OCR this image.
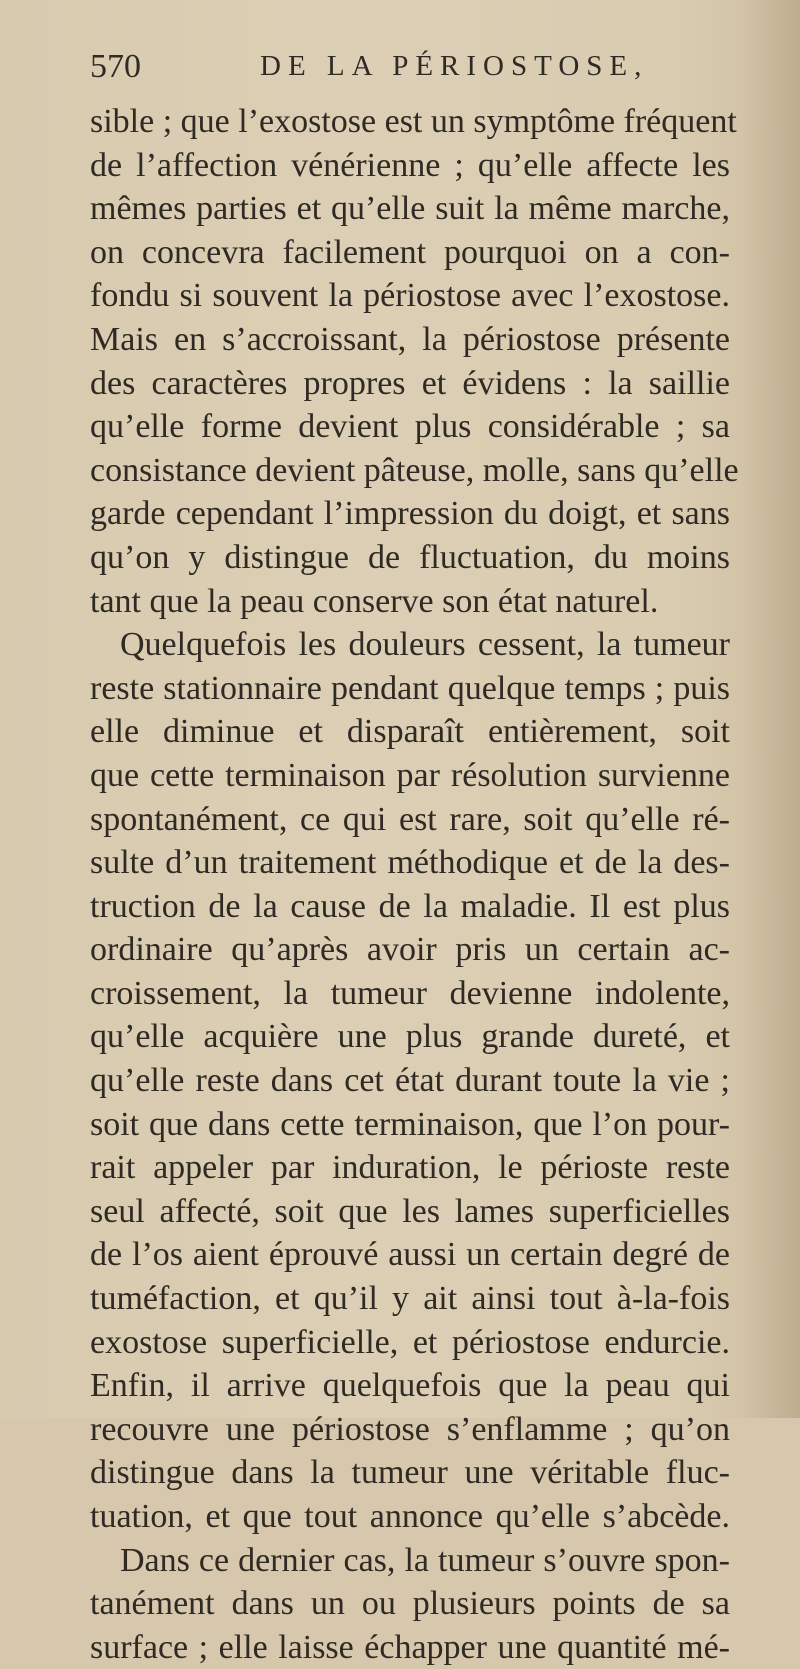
570	DE LA PÉRIOSTOSE,
sible ; que l’exostose est un symptôme fréquent
de l’affection vénérienne ; qu’elle affecte les
mêmes parties et qu’elle suit la même marche,
on concevra facilement pourquoi on a con-
fondu si souvent la périostose avec l’exostose.
Mais en s’accroissant, la périostose présente
des caractères propres et évidens : la saillie
qu’elle forme devient plus considérable ; sa
consistance devient pâteuse, molle, sans qu’elle
garde cependant l’impression du doigt, et sans
qu’on y distingue de fluctuation, du moins
tant que la peau conserve son état naturel.
Quelquefois les douleurs cessent, la tumeur
reste stationnaire pendant quelque temps ; puis
elle diminue et disparaît entièrement, soit
que cette terminaison par résolution survienne
spontanément, ce qui est rare, soit qu’elle ré-
sulte d’un traitement méthodique et de la des-
truction de la cause de la maladie. Il est plus
ordinaire qu’après avoir pris un certain ac-
croissement, la tumeur devienne indolente,
qu’elle acquière une plus grande dureté, et
qu’elle reste dans cet état durant toute la vie ;
soit que dans cette terminaison, que l’on pour-
rait appeler par induration, le périoste reste
seul affecté, soit que les lames superficielles
de l’os aient éprouvé aussi un certain degré de
tuméfaction, et qu’il y ait ainsi tout à-la-fois
exostose superficielle, et périostose endurcie.
Enfin, il arrive quelquefois que la peau qui
recouvre une périostose s’enflamme ; qu’on
distingue dans la tumeur une véritable fluc-
tuation, et que tout annonce qu’elle s’abcède.
Dans ce dernier cas, la tumeur s’ouvre spon-
tanément dans un ou plusieurs points de sa
surface ; elle laisse échapper une quantité mé-
